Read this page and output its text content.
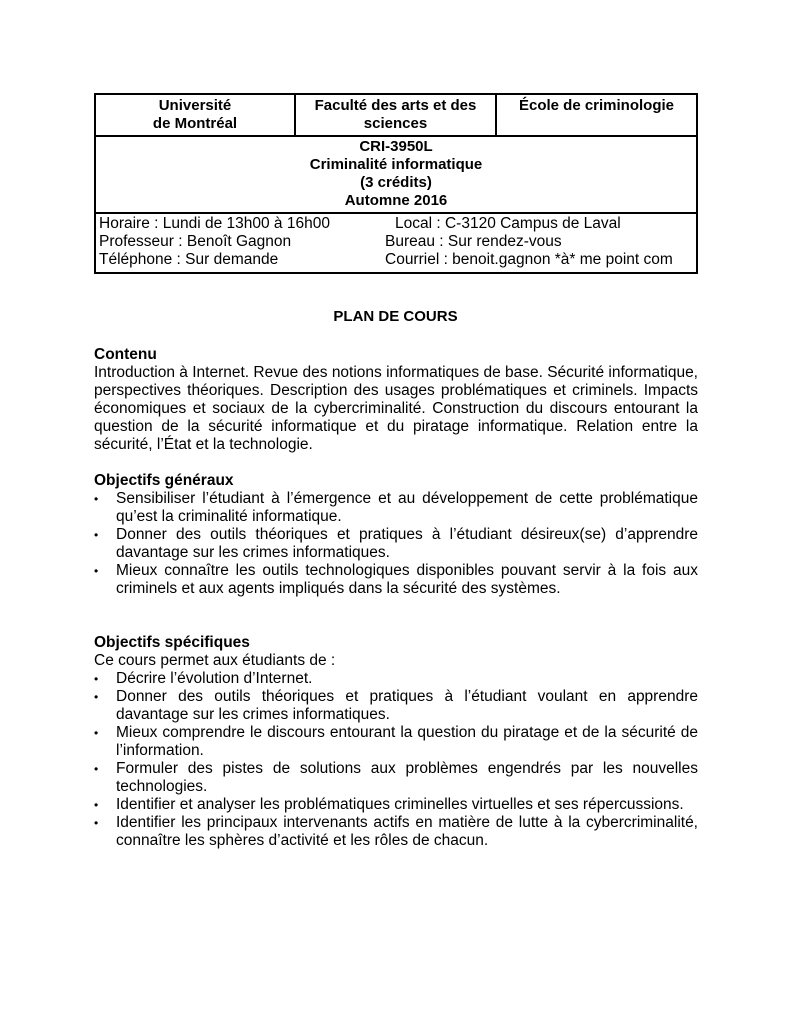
Université
de Montréal
Faculté des arts et des
sciences
École de criminologie
CRI-3950L
Criminalité informatique
(3 crédits)
Automne 2016
Horaire : Lundi de 13h00 à 16h00
Professeur : Benoît Gagnon
Téléphone : Sur demande
Local : C-3120 Campus de Laval
Bureau : Sur rendez-vous
Courriel : benoit.gagnon *à* me point com
PLAN DE COURS
Contenu
Introduction à Internet. Revue des notions informatiques de base. Sécurité informatique,
perspectives théoriques. Description des usages problématiques et criminels. Impacts
économiques et sociaux de la cybercriminalité. Construction du discours entourant la
question de la sécurité informatique et du piratage informatique. Relation entre la
sécurité, l’État et la technologie.
Objectifs généraux
• Sensibiliser l’étudiant à l’émergence et au développement de cette problématique
qu’est la criminalité informatique.
• Donner des outils théoriques et pratiques à l’étudiant désireux(se) d’apprendre
davantage sur les crimes informatiques.
• Mieux connaître les outils technologiques disponibles pouvant servir à la fois aux
criminels et aux agents impliqués dans la sécurité des systèmes.
Objectifs spécifiques
Ce cours permet aux étudiants de :
• Décrire l’évolution d’Internet.
• Donner des outils théoriques et pratiques à l’étudiant voulant en apprendre
davantage sur les crimes informatiques.
• Mieux comprendre le discours entourant la question du piratage et de la sécurité de
l’information.
• Formuler des pistes de solutions aux problèmes engendrés par les nouvelles
technologies.
• Identifier et analyser les problématiques criminelles virtuelles et ses répercussions.
• Identifier les principaux intervenants actifs en matière de lutte à la cybercriminalité,
connaître les sphères d’activité et les rôles de chacun.
